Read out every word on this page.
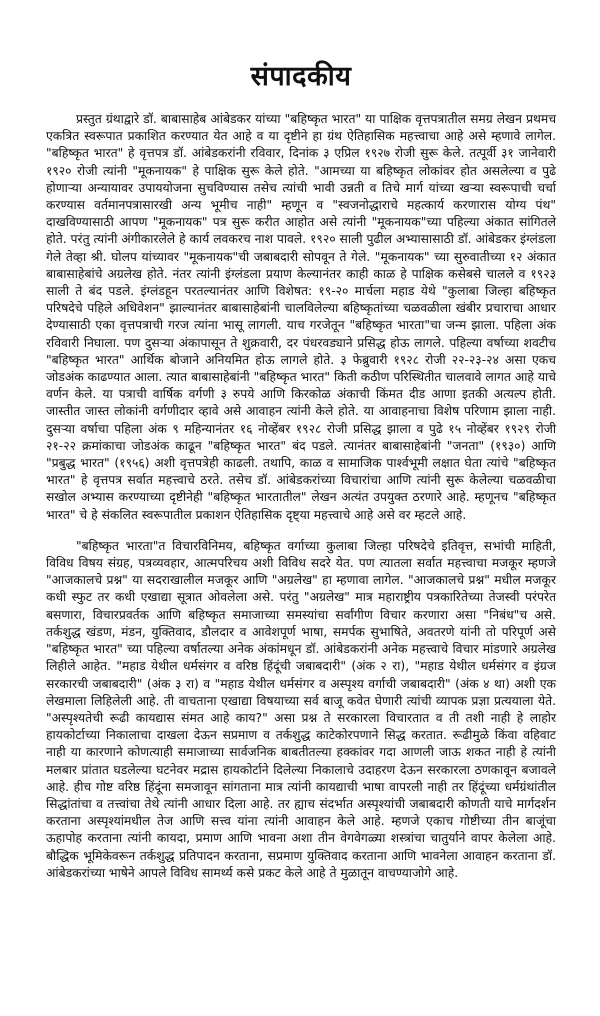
संपादकीय

प्रस्तुत ग्रंथाद्वारे डॉ. बाबासाहेब आंबेडकर यांच्या "बहिष्कृत भारत" या पाक्षिक वृत्तपत्रातील समग्र लेखन प्रथमच एकत्रित स्वरूपात प्रकाशित करण्यात येत आहे व या दृष्टीने हा ग्रंथ ऐतिहासिक महत्त्वाचा आहे असे म्हणावे लागेल. "बहिष्कृत भारत" हे वृत्तपत्र डॉ. आंबेडकरांनी रविवार, दिनांक ३ एप्रिल १९२७ रोजी सुरू केले. तत्पूर्वी ३१ जानेवारी १९२० रोजी त्यांनी "मूकनायक" हे पाक्षिक सुरू केले होते. "आमच्या या बहिष्कृत लोकांवर होत असलेल्या व पुढे होणाऱ्या अन्यायावर उपाययोजना सुचविण्यास तसेच त्यांची भावी उन्नती व तिचे मार्ग यांच्या खऱ्या स्वरूपाची चर्चा करण्यास वर्तमानपत्रासारखी अन्य भूमीच नाही" म्हणून व "स्वजनोद्धाराचे महत्कार्य करणारास योग्य पंथ" दाखविण्यासाठी आपण "मूकनायक" पत्र सुरू करीत आहोत असे त्यांनी "मूकनायक"च्या पहिल्या अंकात सांगितले होते. परंतु त्यांनी अंगीकारलेले हे कार्य लवकरच नाश पावले. १९२० साली पुढील अभ्यासासाठी डॉ. आंबेडकर इंग्लंडला गेले तेव्हा श्री. घोलप यांच्यावर "मूकनायक"ची जबाबदारी सोपवून ते गेले. "मूकनायक" च्या सुरुवातीच्या १२ अंकात बाबासाहेबांचे अग्रलेख होते. नंतर त्यांनी इंग्लंडला प्रयाण केल्यानंतर काही काळ हे पाक्षिक कसेबसे चालले व १९२३ साली ते बंद पडले. इंग्लंडहून परतल्यानंतर आणि विशेषत: १९-२० मार्चला महाड येथे "कुलाबा जिल्हा बहिष्कृत परिषदेचे पहिले अधिवेशन" झाल्यानंतर बाबासाहेबांनी चालविलेल्या बहिष्कृतांच्या चळवळीला खंबीर प्रचाराचा आधार देण्यासाठी एका वृत्तपत्राची गरज त्यांना भासू लागली. याच गरजेतून "बहिष्कृत भारता"चा जन्म झाला. पहिला अंक रविवारी निघाला. पण दुसऱ्या अंकापासून ते शुक्रवारी, दर पंधरवड्याने प्रसिद्ध होऊ लागले. पहिल्या वर्षाच्या शवटीच "बहिष्कृत भारत" आर्थिक बोजाने अनियमित होऊ लागले होते. ३ फेब्रुवारी १९२८ रोजी २२-२३-२४ असा एकच जोडअंक काढण्यात आला. त्यात बाबासाहेबांनी "बहिष्कृत भारत" किती कठीण परिस्थितीत चालवावे लागत आहे याचे वर्णन केले. या पत्राची वार्षिक वर्गणी ३ रुपये आणि किरकोळ अंकाची किंमत दीड आणा इतकी अत्यल्प होती. जास्तीत जास्त लोकांनी वर्गणीदार व्हावे असे आवाहन त्यांनी केले होते. या आवाहनाचा विशेष परिणाम झाला नाही. दुसऱ्या वर्षाचा पहिला अंक ९ महिन्यानंतर १६ नोव्हेंबर १९२८ रोजी प्रसिद्ध झाला व पुढे १५ नोव्हेंबर १९२९ रोजी २१-२२ क्रमांकाचा जोडअंक काढून "बहिष्कृत भारत" बंद पडले. त्यानंतर बाबासाहेबांनी "जनता" (१९३०) आणि "प्रबुद्ध भारत" (१९५६) अशी वृत्तपत्रेही काढली. तथापि, काळ व सामाजिक पार्श्वभूमी लक्षात घेता त्यांचे "बहिष्कृत भारत" हे वृत्तपत्र सर्वात महत्त्वाचे ठरते. तसेच डॉ. आंबेडकरांच्या विचारांचा आणि त्यांनी सुरू केलेल्या चळवळीचा सखोल अभ्यास करण्याच्या दृष्टीनेही "बहिष्कृत भारतातील" लेखन अत्यंत उपयुक्त ठरणारे आहे. म्हणूनच "बहिष्कृत भारत" चे हे संकलित स्वरूपातील प्रकाशन ऐतिहासिक दृष्ट्या महत्त्वाचे आहे असे वर म्हटले आहे.

"बहिष्कृत भारता"त विचारविनिमय, बहिष्कृत वर्गाच्या कुलाबा जिल्हा परिषदेचे इतिवृत्त, सभांची माहिती, विविध विषय संग्रह, पत्रव्यवहार, आत्मपरिचय अशी विविध सदरे येत. पण त्यातला सर्वात महत्त्वाचा मजकूर म्हणजे "आजकालचे प्रश्न" या सदराखालील मजकूर आणि "अग्रलेख" हा म्हणावा लागेल. "आजकालचे प्रश्न" मधील मजकूर कधी स्फुट तर कधी एखाद्या सूत्रात ओवलेला असे. परंतु "अग्रलेख" मात्र महाराष्ट्रीय पत्रकारितेच्या तेजस्वी परंपरेत बसणारा, विचारप्रवर्तक आणि बहिष्कृत समाजाच्या समस्यांचा सर्वांगीण विचार करणारा असा "निबंध"च असे. तर्कशुद्ध खंडण, मंडन, युक्तिवाद, डौलदार व आवेशपूर्ण भाषा, समर्पक सुभाषिते, अवतरणे यांनी तो परिपूर्ण असे "बहिष्कृत भारत" च्या पहिल्या वर्षातल्या अनेक अंकांमधून डॉ. आंबेडकरांनी अनेक महत्त्वाचे विचार मांडणारे अग्रलेख लिहीले आहेत. "महाड येथील धर्मसंगर व वरिष्ठ हिंदूंची जबाबदारी" (अंक २ रा), "महाड येथील धर्मसंगर व इंग्रज सरकारची जबाबदारी" (अंक ३ रा) व "महाड येथील धर्मसंगर व अस्पृश्य वर्गाची जबाबदारी" (अंक ४ था) अशी एक लेखमाला लिहिलेली आहे. ती वाचताना एखाद्या विषयाच्या सर्व बाजू कवेत घेणारी त्यांची व्यापक प्रज्ञा प्रत्ययाला येते. "अस्पृश्यतेची रूढी कायद्यास संमत आहे काय?" असा प्रश्न ते सरकारला विचारतात व ती तशी नाही हे लाहोर हायकोर्टाच्या निकालाचा दाखला देऊन सप्रमाण व तर्कशुद्ध काटेकोरपणाने सिद्ध करतात. रूढीमुळे किंवा वहिवाट नाही या कारणाने कोणत्याही समाजाच्या सार्वजनिक बाबतीतल्या हक्कांवर गदा आणली जाऊ शकत नाही हे त्यांनी मलबार प्रांतात घडलेल्या घटनेवर मद्रास हायकोर्टाने दिलेल्या निकालाचे उदाहरण देऊन सरकारला ठणकावून बजावले आहे. हीच गोष्ट वरिष्ठ हिंदूंना समजावून सांगताना मात्र त्यांनी कायद्याची भाषा वापरली नाही तर हिंदूंच्या धर्मग्रंथांतील सिद्धांतांचा व तत्त्वांचा तेथे त्यांनी आधार दिला आहे. तर ह्याच संदर्भात अस्पृश्यांची जबाबदारी कोणती याचे मार्गदर्शन करताना अस्पृश्यांमधील तेज आणि सत्त्व यांना त्यांनी आवाहन केले आहे. म्हणजे एकाच गोष्टीच्या तीन बाजूंचा ऊहापोह करताना त्यांनी कायदा, प्रमाण आणि भावना अशा तीन वेगवेगळ्या शस्त्रांचा चातुर्याने वापर केलेला आहे. बौद्धिक भूमिकेवरून तर्कशुद्ध प्रतिपादन करताना, सप्रमाण युक्तिवाद करताना आणि भावनेला आवाहन करताना डॉ. आंबेडकरांच्या भाषेने आपले विविध सामर्थ्य कसे प्रकट केले आहे ते मुळातून वाचण्याजोगे आहे.
